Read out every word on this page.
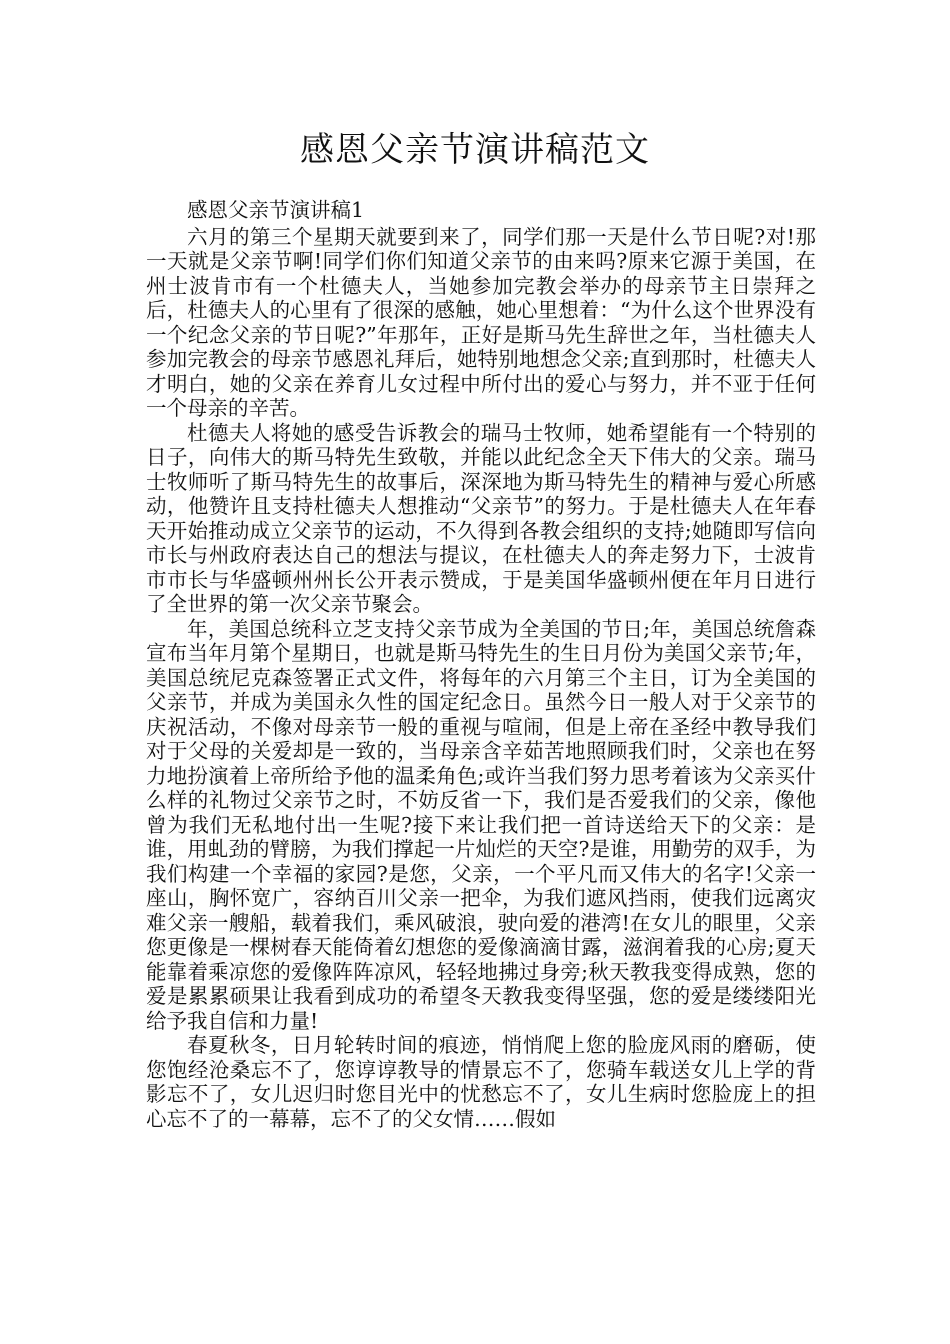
感恩父亲节演讲稿范文

感恩父亲节演讲稿1

六月的第三个星期天就要到来了，同学们那一天是什么节日呢?对!那一天就是父亲节啊!同学们你们知道父亲节的由来吗?原来它源于美国，在州士波肯市有一个杜德夫人，当她参加完教会举办的母亲节主日崇拜之后，杜德夫人的心里有了很深的感触，她心里想着：“为什么这个世界没有一个纪念父亲的节日呢?”年那年，正好是斯马先生辞世之年，当杜德夫人参加完教会的母亲节感恩礼拜后，她特别地想念父亲;直到那时，杜德夫人才明白，她的父亲在养育儿女过程中所付出的爱心与努力，并不亚于任何一个母亲的辛苦。

杜德夫人将她的感受告诉教会的瑞马士牧师，她希望能有一个特别的日子，向伟大的斯马特先生致敬，并能以此纪念全天下伟大的父亲。瑞马士牧师听了斯马特先生的故事后，深深地为斯马特先生的精神与爱心所感动，他赞许且支持杜德夫人想推动“父亲节”的努力。于是杜德夫人在年春天开始推动成立父亲节的运动，不久得到各教会组织的支持;她随即写信向市长与州政府表达自己的想法与提议，在杜德夫人的奔走努力下，士波肯市市长与华盛顿州州长公开表示赞成，于是美国华盛顿州便在年月日进行了全世界的第一次父亲节聚会。

年，美国总统科立芝支持父亲节成为全美国的节日;年，美国总统詹森宣布当年月第个星期日，也就是斯马特先生的生日月份为美国父亲节;年，美国总统尼克森签署正式文件，将每年的六月第三个主日，订为全美国的父亲节，并成为美国永久性的国定纪念日。虽然今日一般人对于父亲节的庆祝活动，不像对母亲节一般的重视与喧闹，但是上帝在圣经中教导我们对于父母的关爱却是一致的，当母亲含辛茹苦地照顾我们时，父亲也在努力地扮演着上帝所给予他的温柔角色;或许当我们努力思考着该为父亲买什么样的礼物过父亲节之时，不妨反省一下，我们是否爱我们的父亲，像他曾为我们无私地付出一生呢?接下来让我们把一首诗送给天下的父亲：是谁，用虬劲的臂膀，为我们撑起一片灿烂的天空?是谁，用勤劳的双手，为我们构建一个幸福的家园?是您，父亲，一个平凡而又伟大的名字!父亲一座山，胸怀宽广，容纳百川父亲一把伞，为我们遮风挡雨，使我们远离灾难父亲一艘船，载着我们，乘风破浪，驶向爱的港湾!在女儿的眼里，父亲您更像是一棵树春天能倚着幻想您的爱像滴滴甘露，滋润着我的心房;夏天能靠着乘凉您的爱像阵阵凉风，轻轻地拂过身旁;秋天教我变得成熟，您的爱是累累硕果让我看到成功的希望冬天教我变得坚强，您的爱是缕缕阳光给予我自信和力量!

春夏秋冬，日月轮转时间的痕迹，悄悄爬上您的脸庞风雨的磨砺，使您饱经沧桑忘不了，您谆谆教导的情景忘不了，您骑车载送女儿上学的背影忘不了，女儿迟归时您目光中的忧愁忘不了，女儿生病时您脸庞上的担心忘不了的一幕幕，忘不了的父女情……假如
